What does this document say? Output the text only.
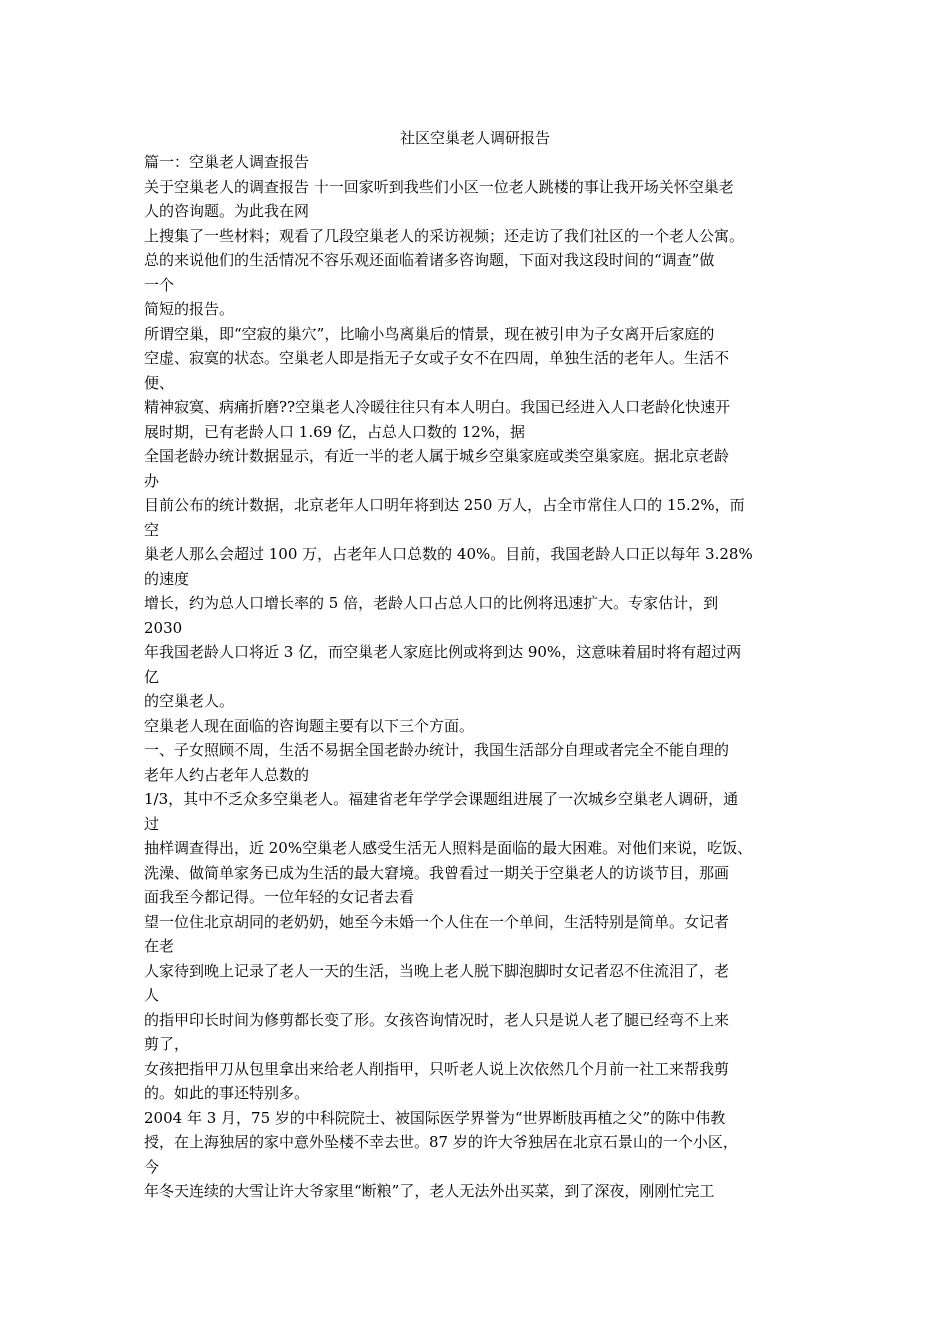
社区空巢老人调研报告
篇一：空巢老人调查报告
关于空巢老人的调查报告 十一回家听到我些们小区一位老人跳楼的事让我开场关怀空巢老
人的咨询题。为此我在网
上搜集了一些材料；观看了几段空巢老人的采访视频；还走访了我们社区的一个老人公寓。
总的来说他们的生活情况不容乐观还面临着诸多咨询题，下面对我这段时间的“调查”做
一个
简短的报告。
所谓空巢，即“空寂的巢穴”，比喻小鸟离巢后的情景，现在被引申为子女离开后家庭的
空虚、寂寞的状态。空巢老人即是指无子女或子女不在四周，单独生活的老年人。生活不
便、
精神寂寞、病痛折磨??空巢老人冷暖往往只有本人明白。我国已经进入人口老龄化快速开
展时期，已有老龄人口 1.69 亿，占总人口数的 12%，据
全国老龄办统计数据显示，有近一半的老人属于城乡空巢家庭或类空巢家庭。据北京老龄
办
目前公布的统计数据，北京老年人口明年将到达 250 万人，占全市常住人口的 15.2%，而
空
巢老人那么会超过 100 万，占老年人口总数的 40%。目前，我国老龄人口正以每年 3.28%
的速度
增长，约为总人口增长率的 5 倍，老龄人口占总人口的比例将迅速扩大。专家估计，到
2030
年我国老龄人口将近 3 亿，而空巢老人家庭比例或将到达 90%，这意味着届时将有超过两
亿
的空巢老人。
空巢老人现在面临的咨询题主要有以下三个方面。
一、子女照顾不周，生活不易据全国老龄办统计，我国生活部分自理或者完全不能自理的
老年人约占老年人总数的
1/3，其中不乏众多空巢老人。福建省老年学学会课题组进展了一次城乡空巢老人调研，通
过
抽样调查得出，近 20%空巢老人感受生活无人照料是面临的最大困难。对他们来说，吃饭、
洗澡、做简单家务已成为生活的最大窘境。我曾看过一期关于空巢老人的访谈节目，那画
面我至今都记得。一位年轻的女记者去看
望一位住北京胡同的老奶奶，她至今未婚一个人住在一个单间，生活特别是简单。女记者
在老
人家待到晚上记录了老人一天的生活，当晚上老人脱下脚泡脚时女记者忍不住流泪了，老
人
的指甲印长时间为修剪都长变了形。女孩咨询情况时，老人只是说人老了腿已经弯不上来
剪了，
女孩把指甲刀从包里拿出来给老人削指甲，只听老人说上次依然几个月前一社工来帮我剪
的。如此的事还特别多。
2004 年 3 月，75 岁的中科院院士、被国际医学界誉为“世界断肢再植之父”的陈中伟教
授，在上海独居的家中意外坠楼不幸去世。87 岁的许大爷独居在北京石景山的一个小区，
今
年冬天连续的大雪让许大爷家里“断粮”了，老人无法外出买菜，到了深夜，刚刚忙完工
